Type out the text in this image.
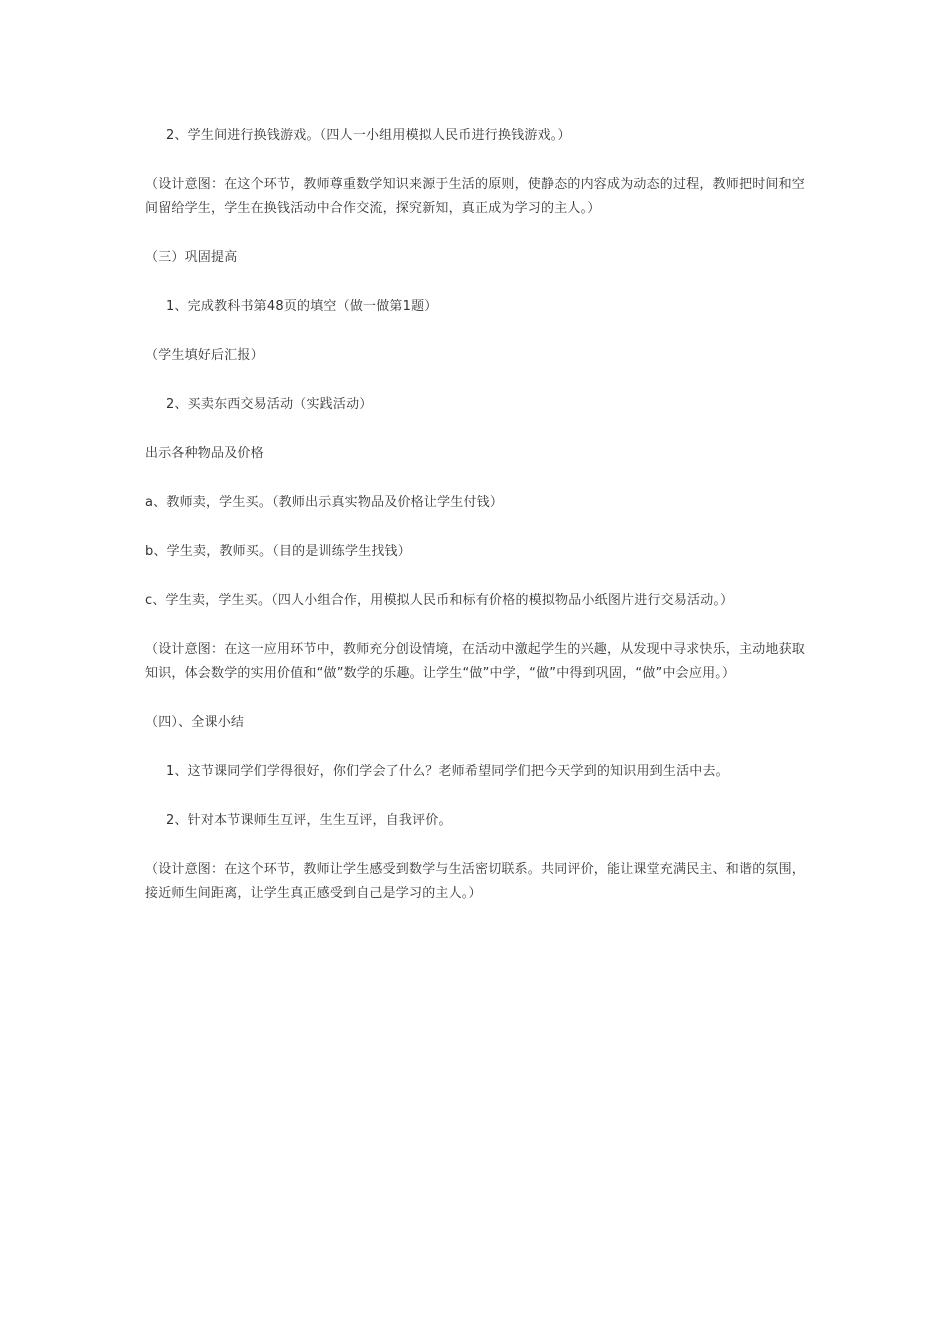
2、学生间进行换钱游戏。（四人一小组用模拟人民币进行换钱游戏。）

（设计意图：在这个环节，教师尊重数学知识来源于生活的原则，使静态的内容成为动态的过程，教师把时间和空间留给学生，学生在换钱活动中合作交流，探究新知，真正成为学习的主人。）

（三）巩固提高

1、完成教科书第48页的填空（做一做第1题）

（学生填好后汇报）

2、买卖东西交易活动（实践活动）

出示各种物品及价格

a、教师卖，学生买。（教师出示真实物品及价格让学生付钱）

b、学生卖，教师买。（目的是训练学生找钱）

c、学生卖，学生买。（四人小组合作，用模拟人民币和标有价格的模拟物品小纸图片进行交易活动。）

（设计意图：在这一应用环节中，教师充分创设情境，在活动中激起学生的兴趣，从发现中寻求快乐，主动地获取知识，体会数学的实用价值和“做”数学的乐趣。让学生“做”中学，“做”中得到巩固，“做”中会应用。）

（四）、全课小结

1、这节课同学们学得很好，你们学会了什么？老师希望同学们把今天学到的知识用到生活中去。

2、针对本节课师生互评，生生互评，自我评价。

（设计意图：在这个环节，教师让学生感受到数学与生活密切联系。共同评价，能让课堂充满民主、和谐的氛围，接近师生间距离，让学生真正感受到自己是学习的主人。）
